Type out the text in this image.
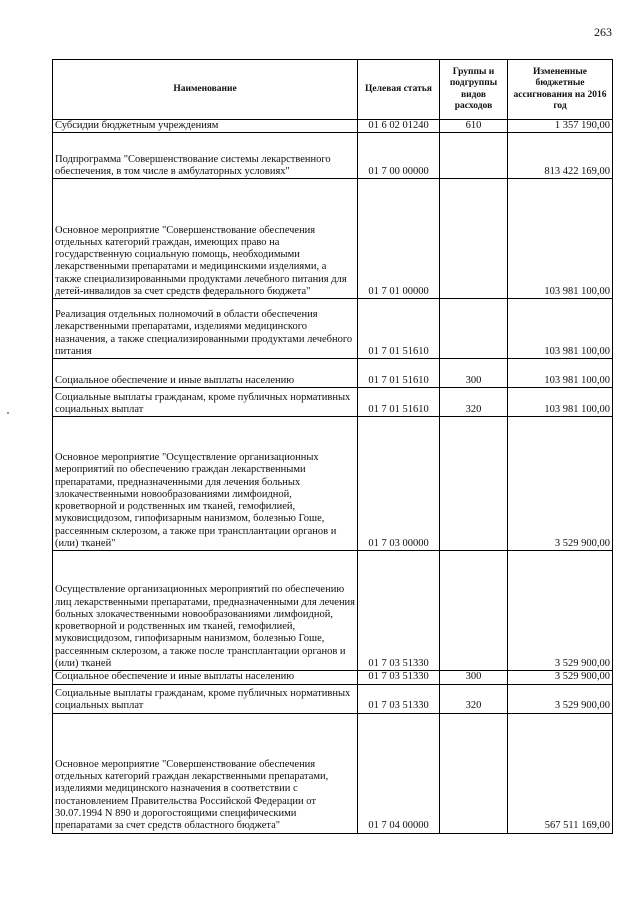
263
Наименование	Целевая статья	Группы и подгруппы видов расходов	Измененные бюджетные ассигнования на 2016 год
Субсидии бюджетным учреждениям	01 6 02 01240	610	1 357 190,00
Подпрограмма "Совершенствование системы лекарственного обеспечения, в том числе в амбулаторных условиях"	01 7 00 00000		813 422 169,00
Основное мероприятие "Совершенствование обеспечения отдельных категорий граждан, имеющих право на государственную социальную помощь, необходимыми лекарственными препаратами и медицинскими изделиями, а также специализированными продуктами лечебного питания для детей-инвалидов за счет средств федерального бюджета"	01 7 01 00000		103 981 100,00
Реализация отдельных полномочий в области обеспечения лекарственными препаратами, изделиями медицинского назначения, а также специализированными продуктами лечебного питания	01 7 01 51610		103 981 100,00
Социальное обеспечение и иные выплаты населению	01 7 01 51610	300	103 981 100,00
Социальные выплаты гражданам, кроме публичных нормативных социальных выплат	01 7 01 51610	320	103 981 100,00
Основное мероприятие "Осуществление организационных мероприятий по обеспечению граждан лекарственными препаратами, предназначенными для лечения больных злокачественными новообразованиями лимфоидной, кроветворной и родственных им тканей, гемофилией, муковисцидозом, гипофизарным нанизмом, болезнью Гоше, рассеянным склерозом, а также при трансплантации органов и (или) тканей"	01 7 03 00000		3 529 900,00
Осуществление организационных мероприятий по обеспечению лиц лекарственными препаратами, предназначенными для лечения больных злокачественными новообразованиями лимфоидной, кроветворной и родственных им тканей, гемофилией, муковисцидозом, гипофизарным нанизмом, болезнью Гоше, рассеянным склерозом, а также после трансплантации органов и (или) тканей	01 7 03 51330		3 529 900,00
Социальное обеспечение и иные выплаты населению	01 7 03 51330	300	3 529 900,00
Социальные выплаты гражданам, кроме публичных нормативных социальных выплат	01 7 03 51330	320	3 529 900,00
Основное мероприятие "Совершенствование обеспечения отдельных категорий граждан лекарственными препаратами, изделиями медицинского назначения в соответствии с постановлением Правительства Российской Федерации от 30.07.1994 N 890 и дорогостоящими специфическими препаратами за счет средств областного бюджета"	01 7 04 00000		567 511 169,00
